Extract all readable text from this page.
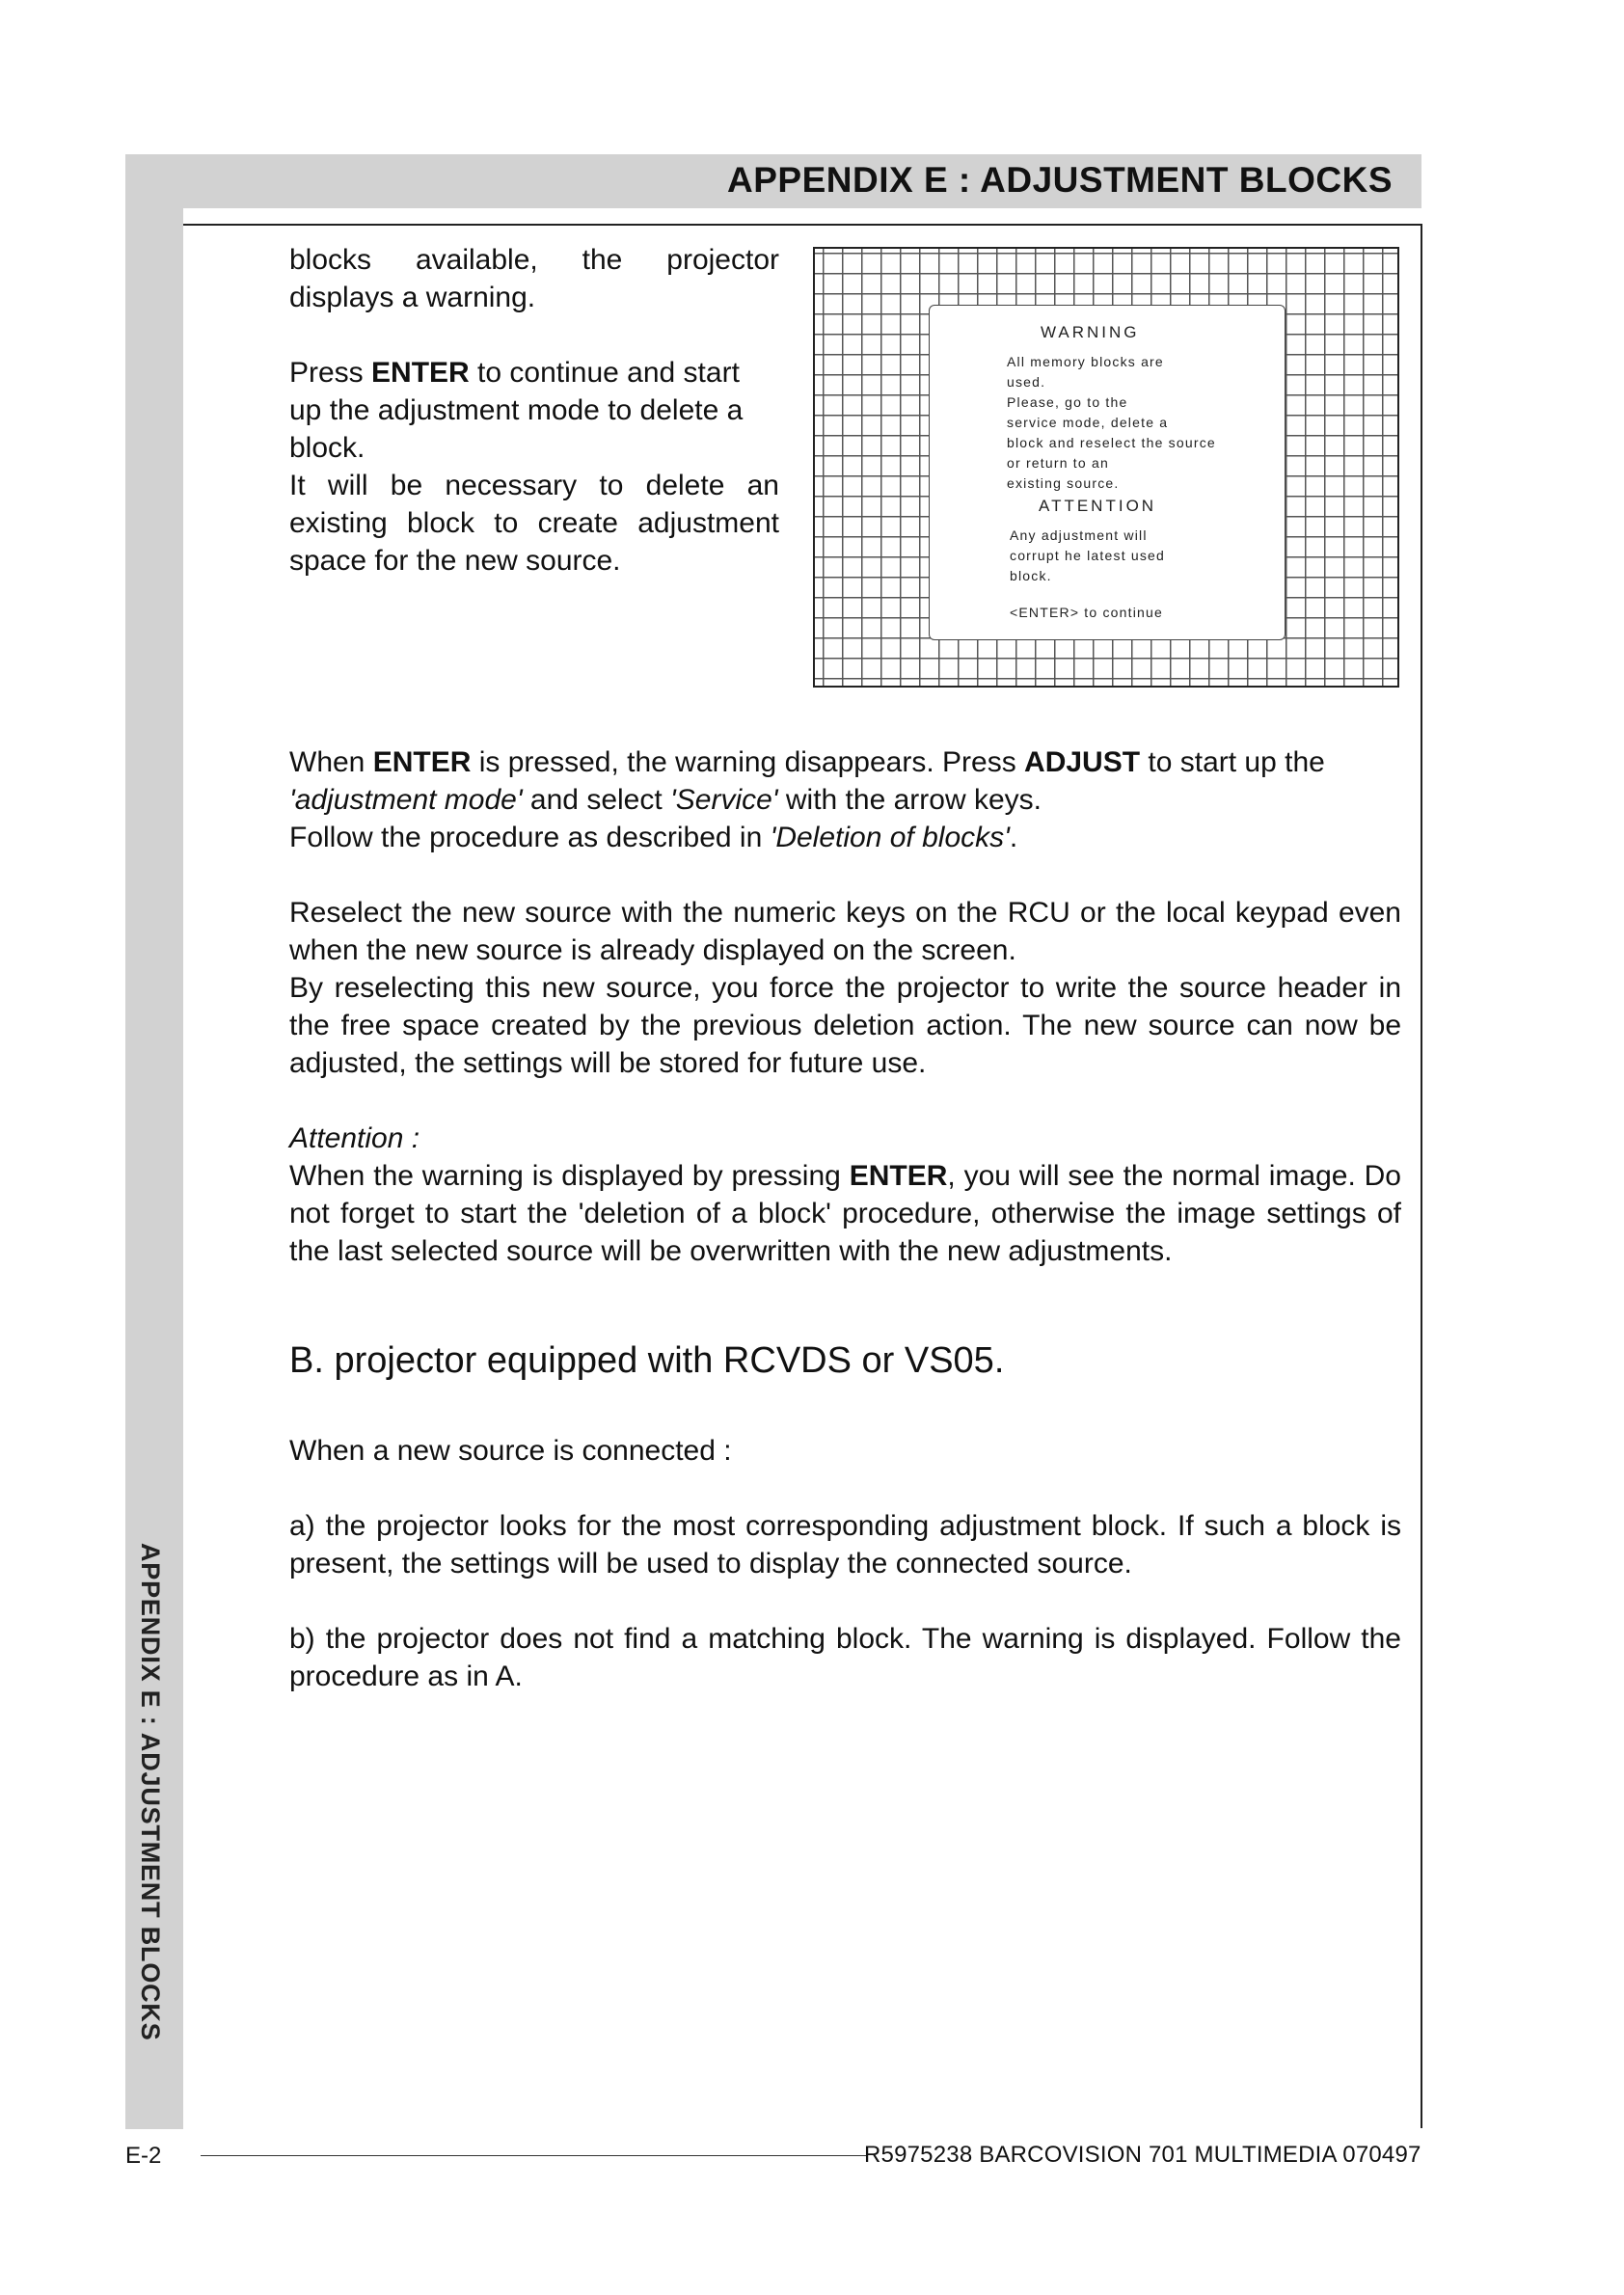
APPENDIX E : ADJUSTMENT BLOCKS
APPENDIX E : ADJUSTMENT BLOCKS

blocks available, the projector displays a warning.

Press ENTER to continue and start up the adjustment mode to delete a block.

It will be necessary to delete an existing block to create adjustment space for the new source.

WARNING
All memory blocks are
used.
Please, go to the
service mode, delete a
block and reselect the source
or return to an
existing source.
ATTENTION
Any adjustment will
corrupt he latest used
block.
<ENTER> to continue

When ENTER is pressed, the warning disappears. Press ADJUST to start up the
'adjustment mode' and select 'Service' with the arrow keys.
Follow the procedure as described in 'Deletion of blocks'.

Reselect the new source with the numeric keys on the RCU or the local keypad even when the new source is already displayed on the screen.

By reselecting this new source, you force the projector to write the source header in the free space created by the previous deletion action. The new source can now be adjusted, the settings will be stored for future use.

Attention :

When the warning is displayed by pressing ENTER, you will see the normal image. Do not forget to start the 'deletion of a block' procedure, otherwise the image settings of the last selected source will be overwritten with the new adjustments.

B. projector equipped with RCVDS or VS05.

When a new source is connected :

a) the projector looks for the most corresponding adjustment block. If such a block is present, the settings will be used to display the connected source.

b) the projector does not find a matching block. The warning is displayed. Follow the procedure as in A.

E-2	R5975238 BARCOVISION 701 MULTIMEDIA 070497
